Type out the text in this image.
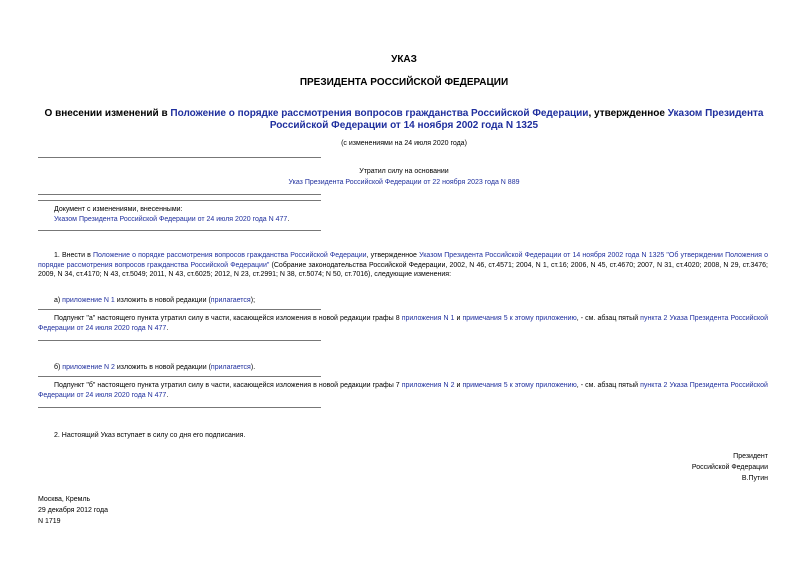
УКАЗ
ПРЕЗИДЕНТА РОССИЙСКОЙ ФЕДЕРАЦИИ
О внесении изменений в Положение о порядке рассмотрения вопросов гражданства Российской Федерации, утвержденное Указом Президента Российской Федерации от 14 ноября 2002 года N 1325
(с изменениями на 24 июля 2020 года)
Утратил силу на основании
Указ Президента Российской Федерации от 22 ноября 2023 года N 889
Документ с изменениями, внесенными:
Указом Президента Российской Федерации от 24 июля 2020 года N 477.
1. Внести в Положение о порядке рассмотрения вопросов гражданства Российской Федерации, утвержденное Указом Президента Российской Федерации от 14 ноября 2002 года N 1325 "Об утверждении Положения о порядке рассмотрения вопросов гражданства Российской Федерации" (Собрание законодательства Российской Федерации, 2002, N 46, ст.4571; 2004, N 1, ст.16; 2006, N 45, ст.4670; 2007, N 31, ст.4020; 2008, N 29, ст.3476; 2009, N 34, ст.4170; N 43, ст.5049; 2011, N 43, ст.6025; 2012, N 23, ст.2991; N 38, ст.5074; N 50, ст.7016), следующие изменения:
а) приложение N 1 изложить в новой редакции (прилагается);
Подпункт "а" настоящего пункта утратил силу в части, касающейся изложения в новой редакции графы 8 приложения N 1 и примечания 5 к этому приложению, - см. абзац пятый пункта 2 Указа Президента Российской Федерации от 24 июля 2020 года N 477.
б) приложение N 2 изложить в новой редакции (прилагается).
Подпункт "б" настоящего пункта утратил силу в части, касающейся изложения в новой редакции графы 7 приложения N 2 и примечания 5 к этому приложению, - см. абзац пятый пункта 2 Указа Президента Российской Федерации от 24 июля 2020 года N 477.
2. Настоящий Указ вступает в силу со дня его подписания.
Президент
Российской Федерации
В.Путин
Москва, Кремль
29 декабря 2012 года
N 1719
